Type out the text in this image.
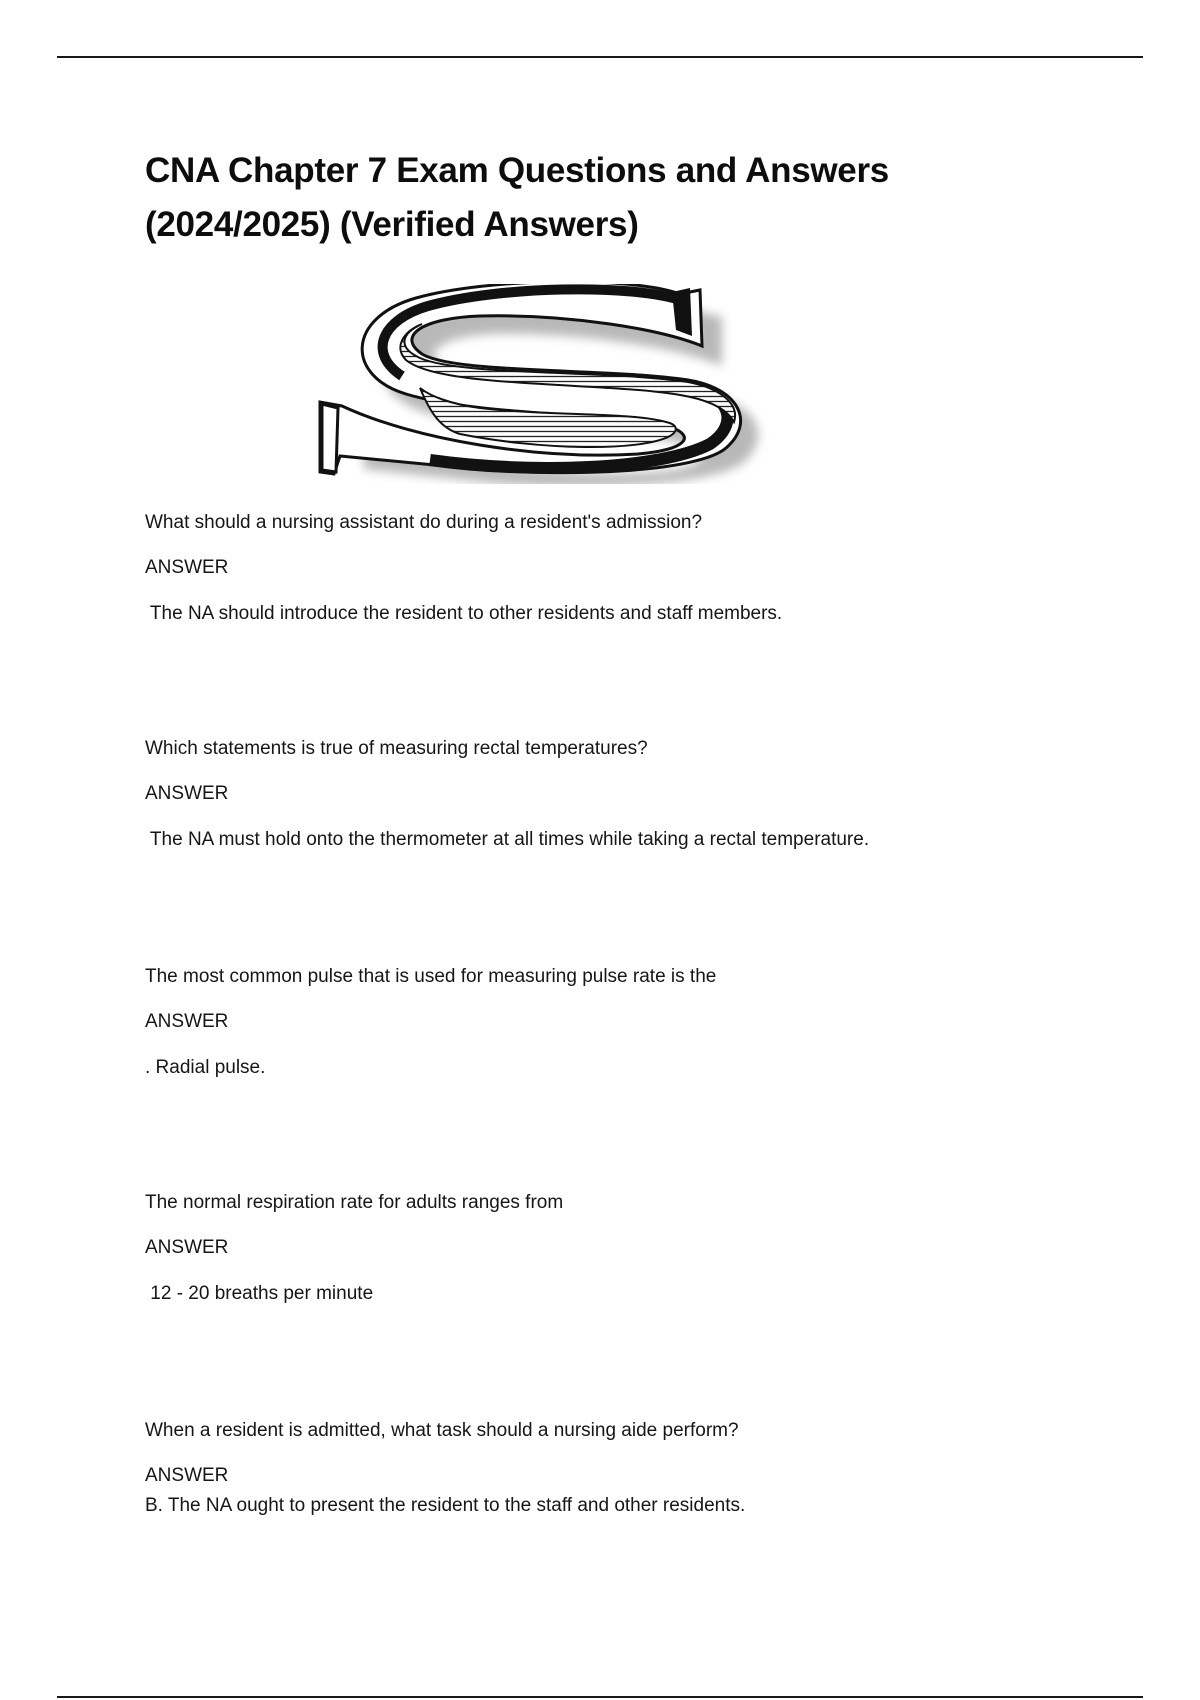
CNA Chapter 7 Exam Questions and Answers
(2024/2025) (Verified Answers)
What should a nursing assistant do during a resident's admission?
ANSWER
The NA should introduce the resident to other residents and staff members.
Which statements is true of measuring rectal temperatures?
ANSWER
The NA must hold onto the thermometer at all times while taking a rectal temperature.
The most common pulse that is used for measuring pulse rate is the
ANSWER
. Radial pulse.
The normal respiration rate for adults ranges from
ANSWER
12 - 20 breaths per minute
When a resident is admitted, what task should a nursing aide perform?
ANSWER
B. The NA ought to present the resident to the staff and other residents.
